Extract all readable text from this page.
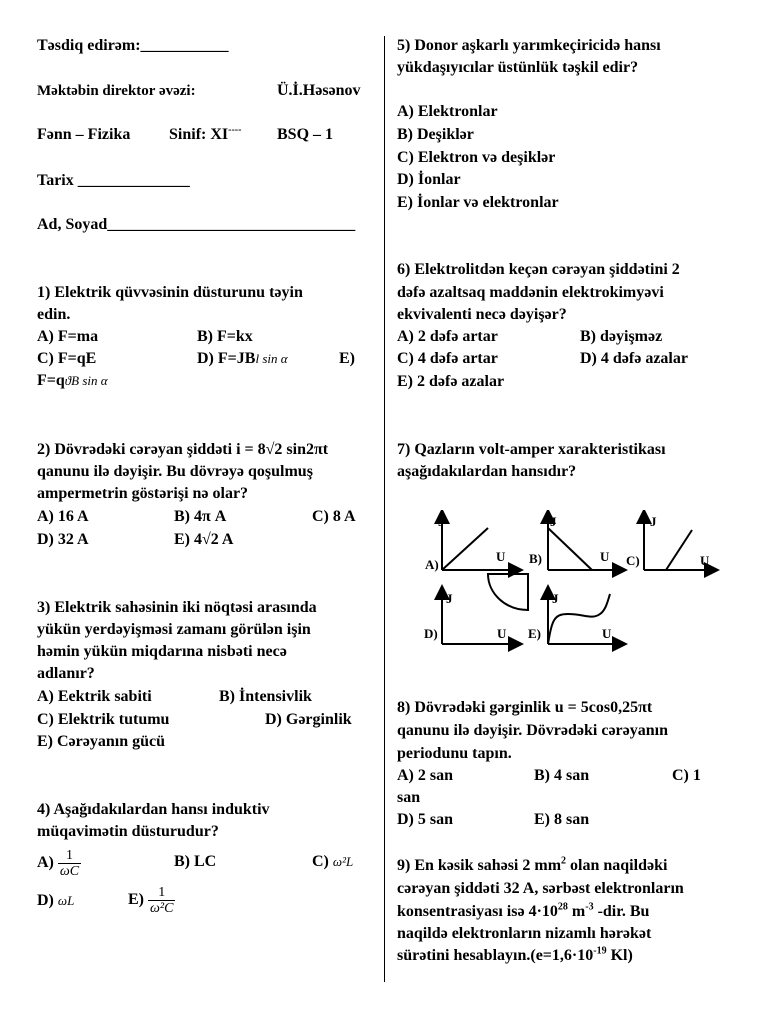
Təsdiq edirəm:___________
Məktəbin direktor əvəzi:	Ü.İ.Həsənov
Fənn – Fizika Sinif: XI---- BSQ – 1
Tarix ______________
Ad, Soyad_______________________________
1) Elektrik qüvvəsinin düsturunu təyin
edin.
A) F=ma	B) F=kx
C) F=qE	D) F=JBl sin α	E)
F=qϑB sin α
2) Dövrədəki cərəyan şiddəti i = 8√2 sin2πt
qanunu ilə dəyişir. Bu dövrəyə qoşulmuş
ampermetrin göstərişi nə olar?
A) 16 A	B) 4π A	C) 8 A
D) 32 A	E) 4√2 A
3) Elektrik sahəsinin iki nöqtəsi arasında
yükün yerdəyişməsi zamanı görülən işin
həmin yükün miqdarına nisbəti necə
adlanır?
A) Eektrik sabiti	B) İntensivlik
C) Elektrik tutumu	D) Gərginlik
E) Cərəyanın gücü
4) Aşağıdakılardan hansı induktiv
müqavimətin düsturudur?
$A) \frac{1}{\omega C}$	B) LC	C) ω²L
D) ωL	$E) \frac{1}{\text{ω²C}}$
5) Donor aşkarlı yarımkeçiricidə hansı
yükdaşıyıcılar üstünlük təşkil edir?
A) Elektronlar
B) Deşiklər
C) Elektron və deşiklər
D) İonlar
E) İonlar və elektronlar
6) Elektrolitdən keçən cərəyan şiddətini 2
dəfə azaltsaq maddənin elektrokimyəvi
ekvivalenti necə dəyişər?
A) 2 dəfə artar	B) dəyişməz
C) 4 dəfə artar	D) 4 dəfə azalar
E) 2 dəfə azalar
7) Qazların volt-amper xarakteristikası
aşağıdakılardan hansıdır?
J
U
A)
J
U
B)
J
U
C)
J
U
D)
J
U
E)
8) Dövrədəki gərginlik u = 5cos0,25πt
qanunu ilə dəyişir. Dövrədəki cərəyanın
periodunu tapın.
A) 2 san	B) 4 san	C) 1
san
D) 5 san	E) 8 san
9) En kəsik sahəsi 2 $mm^2$ olan naqildəki
cərəyan şiddəti 32 A, sərbəst elektronların
konsentrasiyası isə $4\cdot 10^{28}$ $m^{-3}$ -dir. Bu
naqildə elektronların nizamlı hərəkət
sürətini $hesablayın.(e=1,6\cdot 10^{-19}$ Kl)
